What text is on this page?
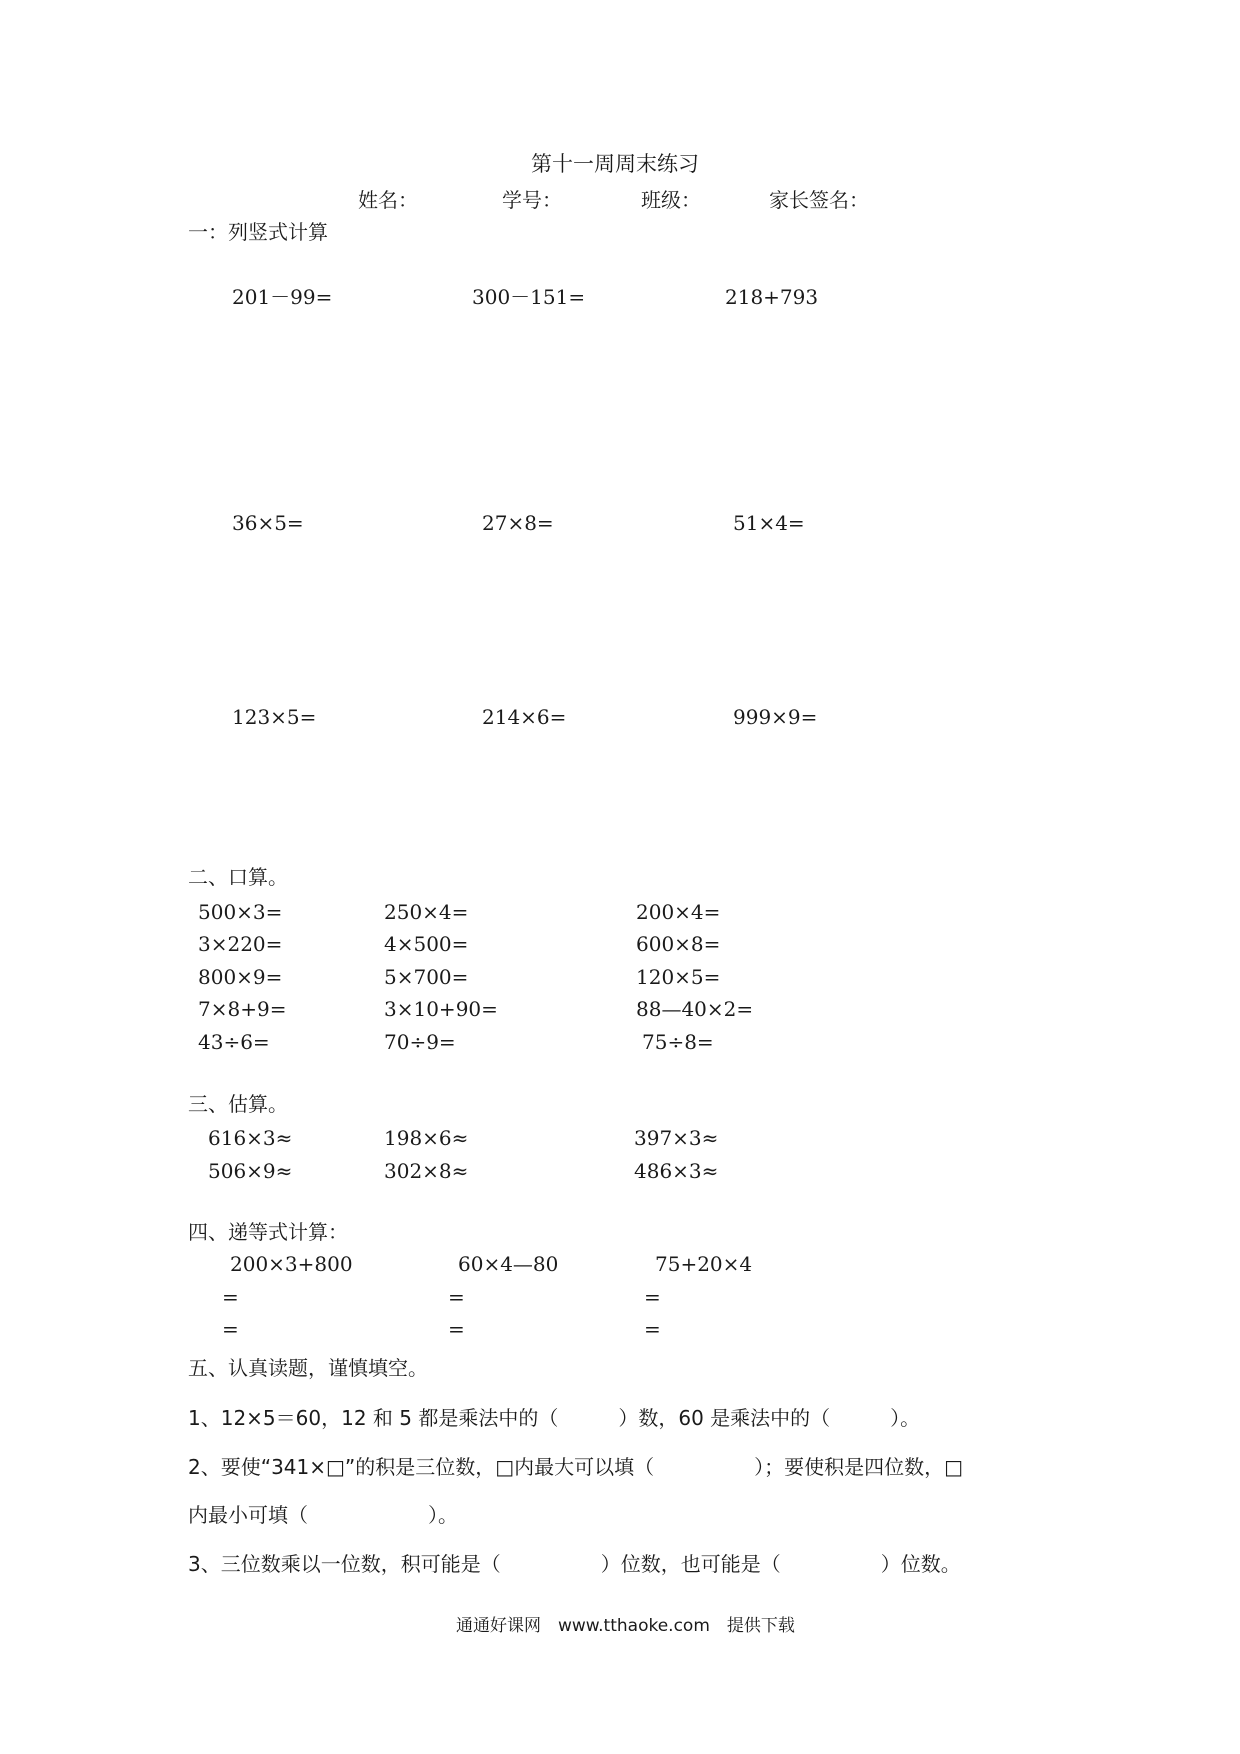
第十一周周末练习
姓名：	学号：	班级：	家长签名：
一：列竖式计算
201－99=	300－151=	218+793
36×5=	27×8=	51×4=
123×5=	214×6=	999×9=
二、口算。
500×3=	250×4=	200×4=
3×220=	4×500=	600×8=
800×9=	5×700=	120×5=
7×8+9=	3×10+90=	88—40×2=
43÷6=	70÷9=	75÷8=
三、估算。
616×3≈	198×6≈	397×3≈
506×9≈	302×8≈	486×3≈
四、递等式计算：
200×3+800	60×4—80	75+20×4
=	=	=
=	=	=
五、认真读题，谨慎填空。
1、12×5＝60，12 和 5 都是乘法中的（　　　）数，60 是乘法中的（　　　）。
2、要使“341×□”的积是三位数，□内最大可以填（　　　　　）；要使积是四位数，□
内最小可填（　　　　　　）。
3、三位数乘以一位数，积可能是（　　　　　）位数，也可能是（　　　　　）位数。
通通好课网　www.tthaoke.com　提供下载
